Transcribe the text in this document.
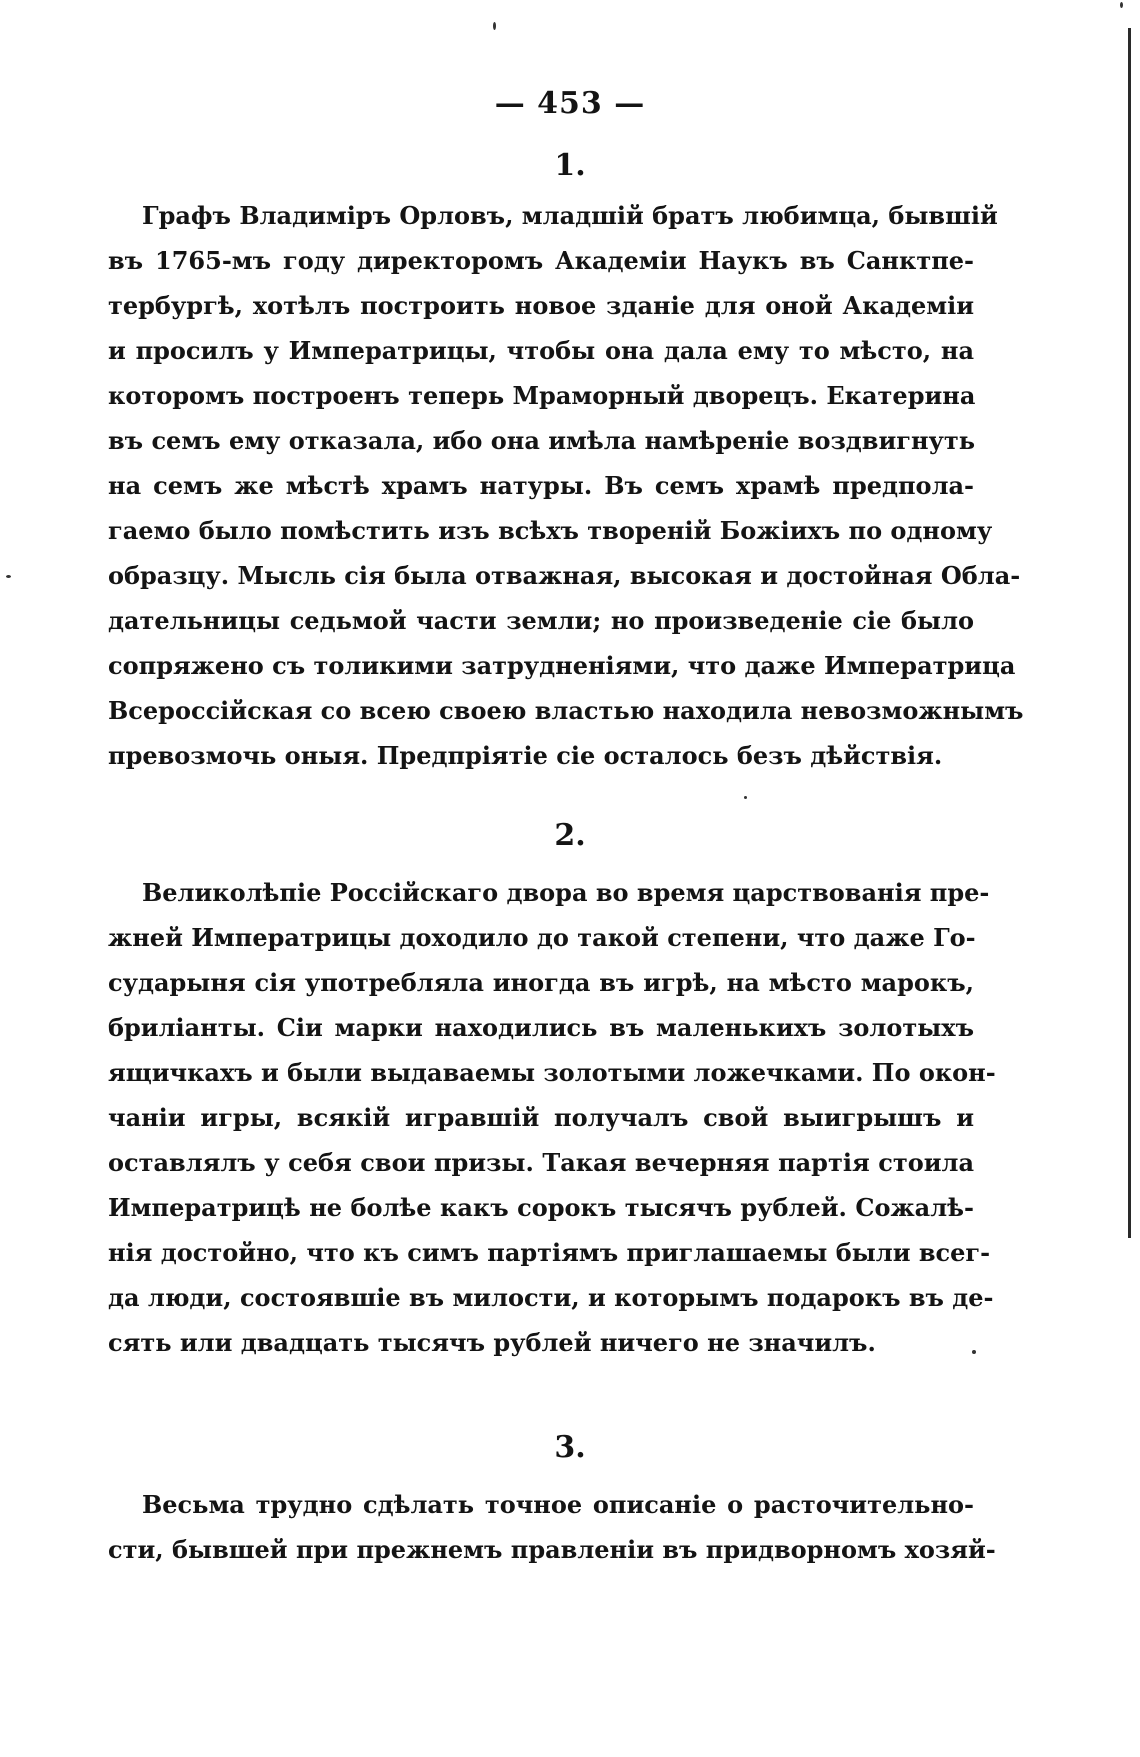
— 453 —
1.
Графъ Владиміръ Орловъ, младшій братъ любимца, бывшій
въ 1765-мъ году директоромъ Академіи Наукъ въ Санктпе-
тербургѣ, хотѣлъ построить новое зданіе для оной Академіи
и просилъ у Императрицы, чтобы она дала ему то мѣсто, на
которомъ построенъ теперь Мраморный дворецъ. Екатерина
въ семъ ему отказала, ибо она имѣла намѣреніе воздвигнуть
на семъ же мѣстѣ храмъ натуры. Въ семъ храмѣ предпола-
гаемо было помѣстить изъ всѣхъ твореній Божіихъ по одному
образцу. Мысль сія была отважная, высокая и достойная Обла-
дательницы седьмой части земли; но произведеніе сіе было
сопряжено съ толикими затрудненіями, что даже Императрица
Всероссійская со всею своею властью находила невозможнымъ
превозмочь оныя. Предпріятіе сіе осталось безъ дѣйствія.
2.
Великолѣпіе Россійскаго двора во время царствованія пре-
жней Императрицы доходило до такой степени, что даже Го-
сударыня сія употребляла иногда въ игрѣ, на мѣсто марокъ,
бриліанты. Сіи марки находились въ маленькихъ золотыхъ
ящичкахъ и были выдаваемы золотыми ложечками. По окон-
чаніи игры, всякій игравшій получалъ свой выигрышъ и
оставлялъ у себя свои призы. Такая вечерняя партія стоила
Императрицѣ не болѣе какъ сорокъ тысячъ рублей. Сожалѣ-
нія достойно, что къ симъ партіямъ приглашаемы были всег-
да люди, состоявшіе въ милости, и которымъ подарокъ въ де-
сять или двадцать тысячъ рублей ничего не значилъ.
3.
Весьма трудно сдѣлать точное описаніе о расточительно-
сти, бывшей при прежнемъ правленіи въ придворномъ хозяй-
